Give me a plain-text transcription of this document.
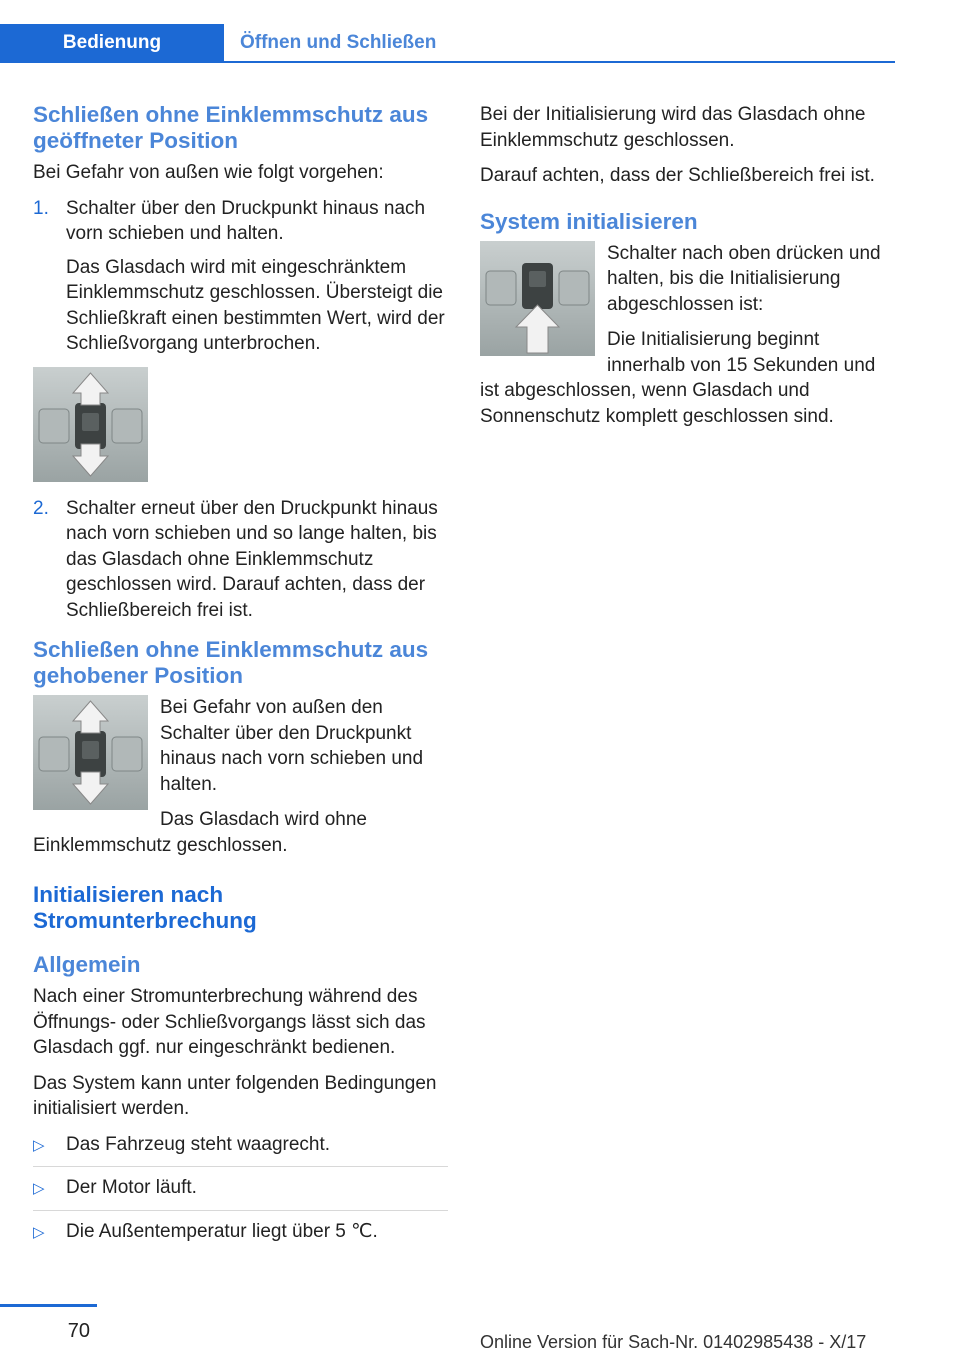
Bedienung	Öffnen und Schließen
Schließen ohne Einklemmschutz aus geöffneter Position

Bei Gefahr von außen wie folgt vorgehen:

1. Schalter über den Druckpunkt hinaus nach vorn schieben und halten.

Das Glasdach wird mit eingeschränktem Einklemmschutz geschlossen. Übersteigt die Schließkraft einen bestimmten Wert, wird der Schließvorgang unterbrochen.

2. Schalter erneut über den Druckpunkt hinaus nach vorn schieben und so lange halten, bis das Glasdach ohne Einklemmschutz geschlossen wird. Darauf achten, dass der Schließbereich frei ist.

Schließen ohne Einklemmschutz aus gehobener Position

Bei Gefahr von außen den Schalter über den Druckpunkt hinaus nach vorn schieben und halten.

Das Glasdach wird ohne Einklemmschutz geschlossen.

Initialisieren nach Stromunterbrechung
Allgemein

Nach einer Stromunterbrechung während des Öffnungs- oder Schließvorgangs lässt sich das Glasdach ggf. nur eingeschränkt bedienen.

Das System kann unter folgenden Bedingungen initialisiert werden.

▷ Das Fahrzeug steht waagrecht.
▷ Der Motor läuft.
▷ Die Außentemperatur liegt über 5 ℃.

Bei der Initialisierung wird das Glasdach ohne Einklemmschutz geschlossen.

Darauf achten, dass der Schließbereich frei ist.

System initialisieren

Schalter nach oben drücken und halten, bis die Initialisierung abgeschlossen ist:

Die Initialisierung beginnt innerhalb von 15 Sekunden und ist abgeschlossen, wenn Glasdach und Sonnenschutz komplett geschlossen sind.

70	Online Version für Sach-Nr. 01402985438 - X/17
